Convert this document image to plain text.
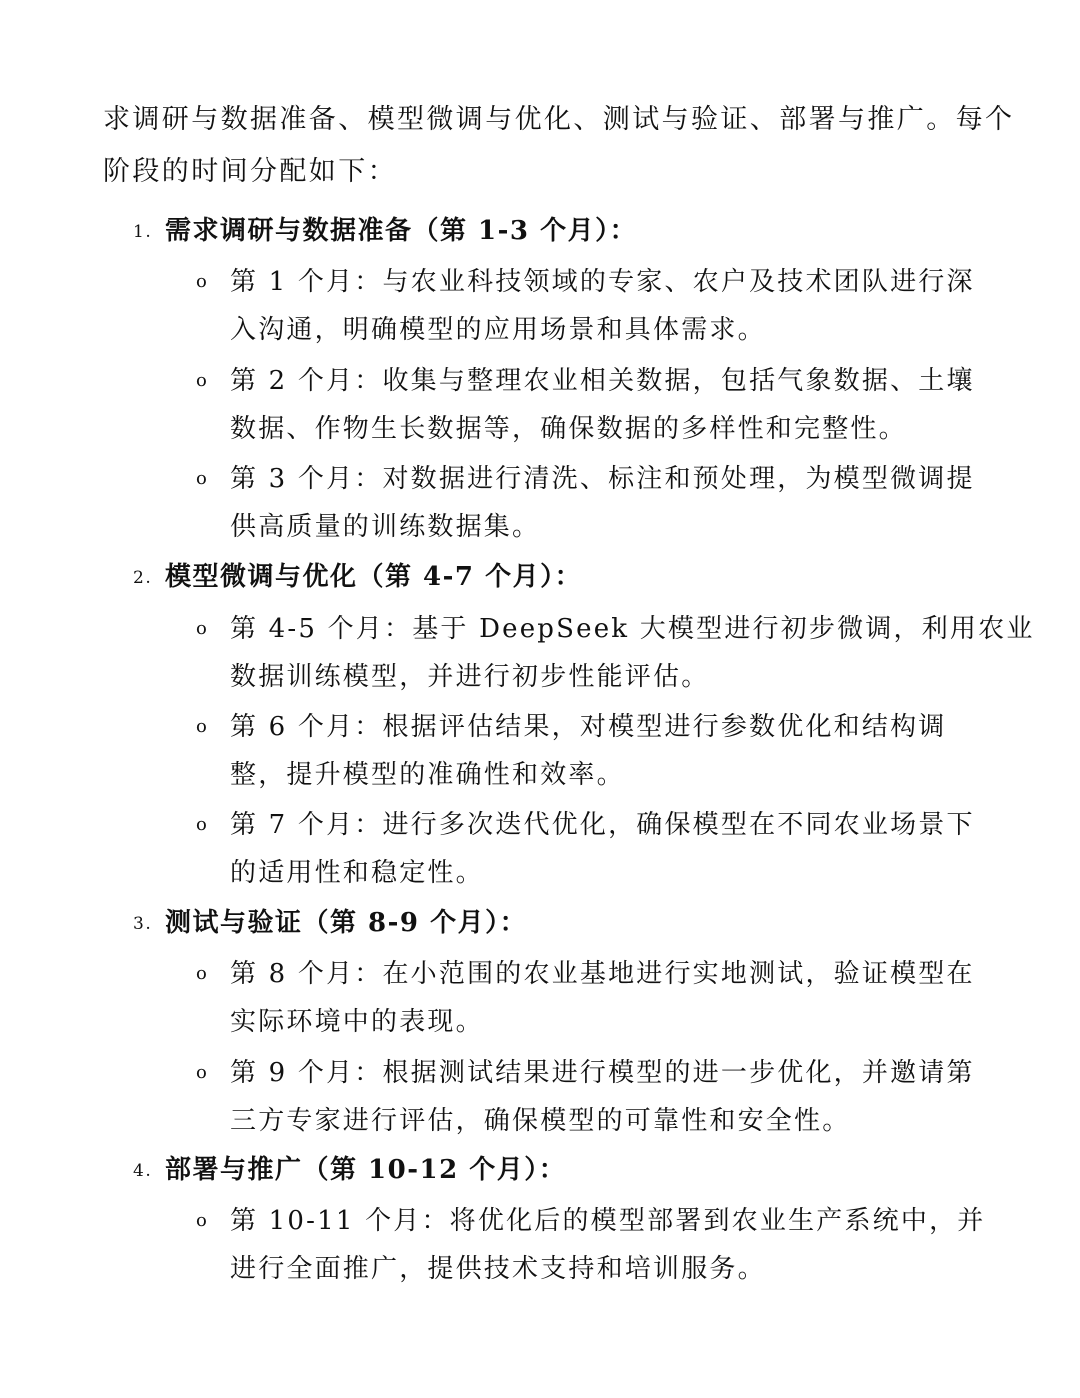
求调研与数据准备、模型微调与优化、测试与验证、部署与推广。每个
阶段的时间分配如下：
1. 需求调研与数据准备（第 1-3 个月）：
o 第 1 个月：与农业科技领域的专家、农户及技术团队进行深
入沟通，明确模型的应用场景和具体需求。
o 第 2 个月：收集与整理农业相关数据，包括气象数据、土壤
数据、作物生长数据等，确保数据的多样性和完整性。
o 第 3 个月：对数据进行清洗、标注和预处理，为模型微调提
供高质量的训练数据集。
2. 模型微调与优化（第 4-7 个月）：
o 第 4-5 个月：基于 DeepSeek 大模型进行初步微调，利用农业
数据训练模型，并进行初步性能评估。
o 第 6 个月：根据评估结果，对模型进行参数优化和结构调
整，提升模型的准确性和效率。
o 第 7 个月：进行多次迭代优化，确保模型在不同农业场景下
的适用性和稳定性。
3. 测试与验证（第 8-9 个月）：
o 第 8 个月：在小范围的农业基地进行实地测试，验证模型在
实际环境中的表现。
o 第 9 个月：根据测试结果进行模型的进一步优化，并邀请第
三方专家进行评估，确保模型的可靠性和安全性。
4. 部署与推广（第 10-12 个月）：
o 第 10-11 个月：将优化后的模型部署到农业生产系统中，并
进行全面推广，提供技术支持和培训服务。
